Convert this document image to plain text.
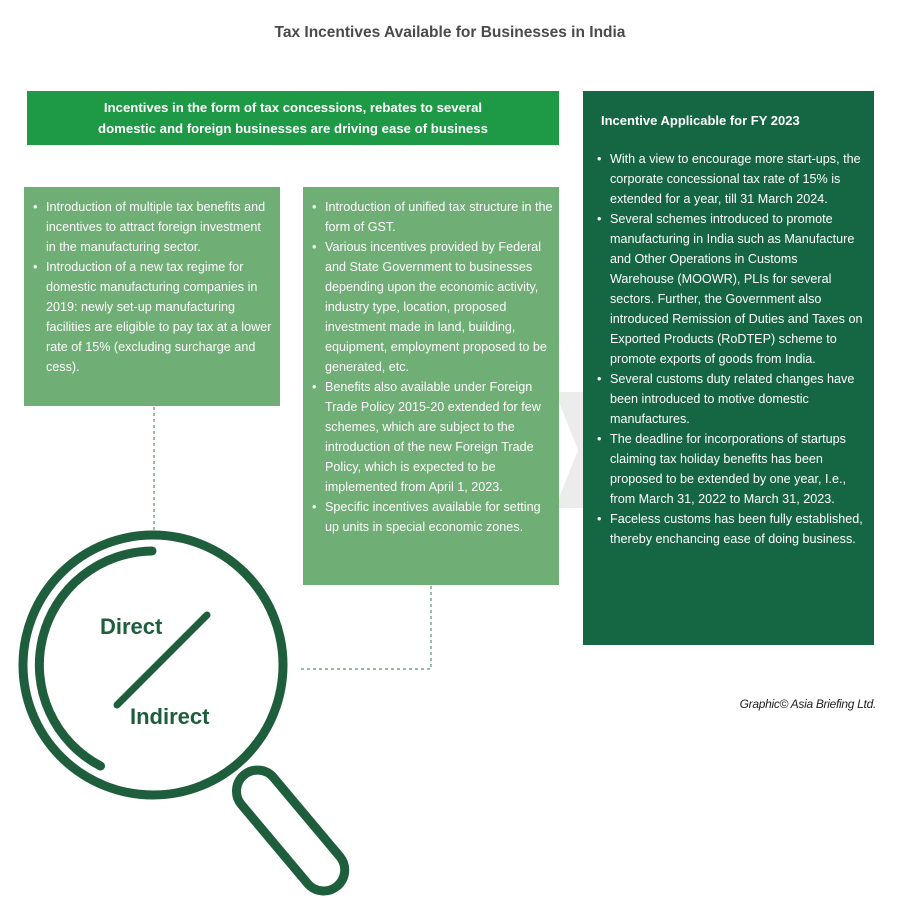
Tax Incentives Available for Businesses in India
Incentives in the form of tax concessions, rebates to several
domestic and foreign businesses are driving ease of business
• Introduction of multiple tax benefits and incentives to attract foreign investment in the manufacturing sector.
• Introduction of a new tax regime for domestic manufacturing companies in 2019: newly set-up manufacturing facilities are eligible to pay tax at a lower rate of 15% (excluding surcharge and cess).
• Introduction of unified tax structure in the form of GST.
• Various incentives provided by Federal and State Government to businesses depending upon the economic activity, industry type, location, proposed investment made in land, building, equipment, employment proposed to be generated, etc.
• Benefits also available under Foreign Trade Policy 2015-20 extended for few schemes, which are subject to the introduction of the new Foreign Trade Policy, which is expected to be implemented from April 1, 2023.
• Specific incentives available for setting up units in special economic zones.
Incentive Applicable for FY 2023
• With a view to encourage more start-ups, the corporate concessional tax rate of 15% is extended for a year, till 31 March 2024.
• Several schemes introduced to promote manufacturing in India such as Manufacture and Other Operations in Customs Warehouse (MOOWR), PLIs for several sectors. Further, the Government also introduced Remission of Duties and Taxes on Exported Products (RoDTEP) scheme to promote exports of goods from India.
• Several customs duty related changes have been introduced to motive domestic manufactures.
• The deadline for incorporations of startups claiming tax holiday benefits has been proposed to be extended by one year, I.e., from March 31, 2022 to March 31, 2023.
• Faceless customs has been fully established, thereby enchancing ease of doing business.
Direct
Indirect	Graphic© Asia Briefing Ltd.
